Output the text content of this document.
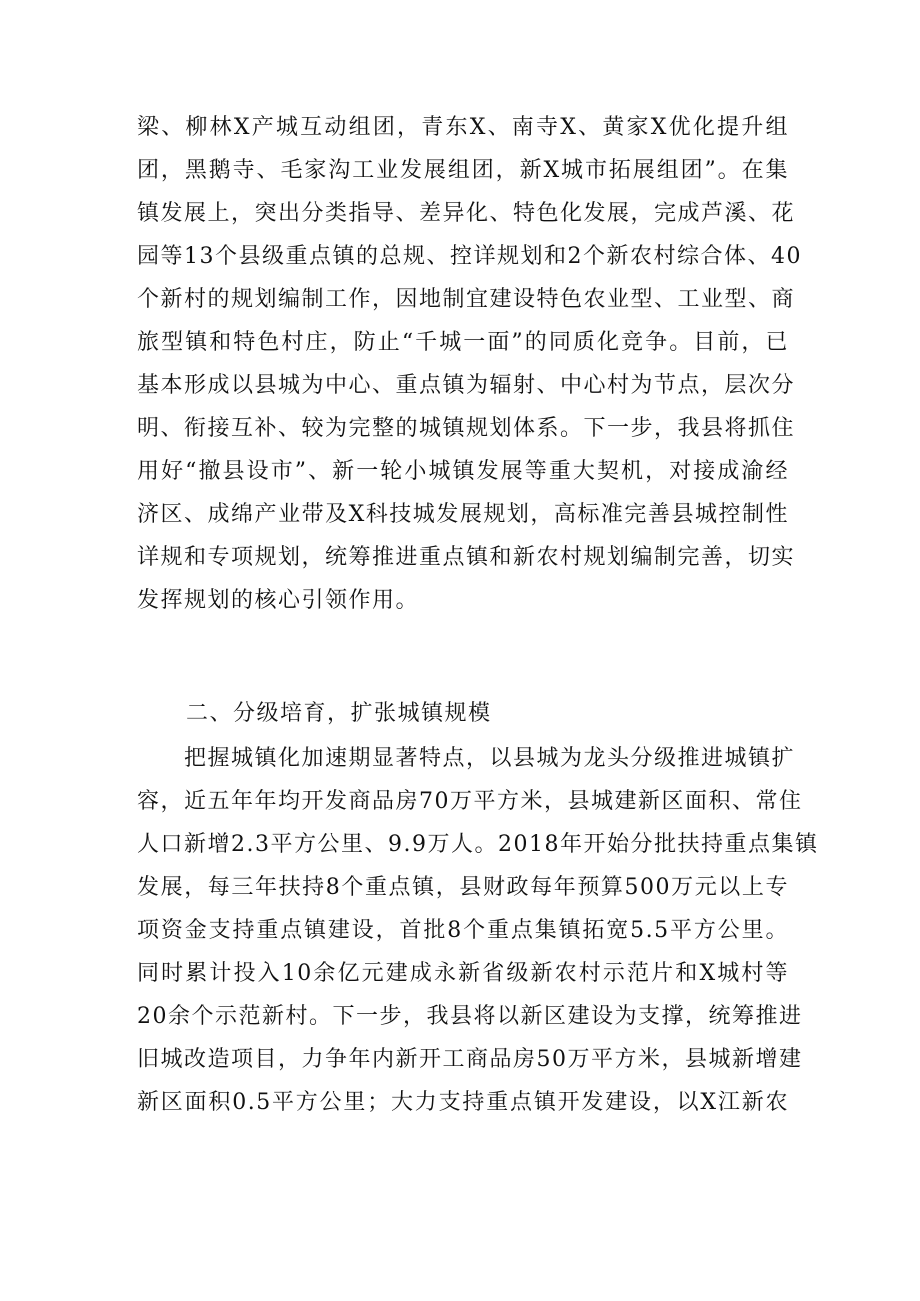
梁、柳林X产城互动组团，青东X、南寺X、黄家X优化提升组
团，黑鹅寺、毛家沟工业发展组团，新X城市拓展组团”。在集
镇发展上，突出分类指导、差异化、特色化发展，完成芦溪、花
园等13个县级重点镇的总规、控详规划和2个新农村综合体、40
个新村的规划编制工作，因地制宜建设特色农业型、工业型、商
旅型镇和特色村庄，防止“千城一面”的同质化竞争。目前，已
基本形成以县城为中心、重点镇为辐射、中心村为节点，层次分
明、衔接互补、较为完整的城镇规划体系。下一步，我县将抓住
用好“撤县设市”、新一轮小城镇发展等重大契机，对接成渝经
济区、成绵产业带及X科技城发展规划，高标准完善县城控制性
详规和专项规划，统筹推进重点镇和新农村规划编制完善，切实
发挥规划的核心引领作用。
二、分级培育，扩张城镇规模
　　把握城镇化加速期显著特点，以县城为龙头分级推进城镇扩
容，近五年年均开发商品房70万平方米，县城建新区面积、常住
人口新增2.3平方公里、9.9万人。2018年开始分批扶持重点集镇
发展，每三年扶持8个重点镇，县财政每年预算500万元以上专
项资金支持重点镇建设，首批8个重点集镇拓宽5.5平方公里。
同时累计投入10余亿元建成永新省级新农村示范片和X城村等
20余个示范新村。下一步，我县将以新区建设为支撑，统筹推进
旧城改造项目，力争年内新开工商品房50万平方米，县城新增建
新区面积0.5平方公里；大力支持重点镇开发建设，以X江新农
